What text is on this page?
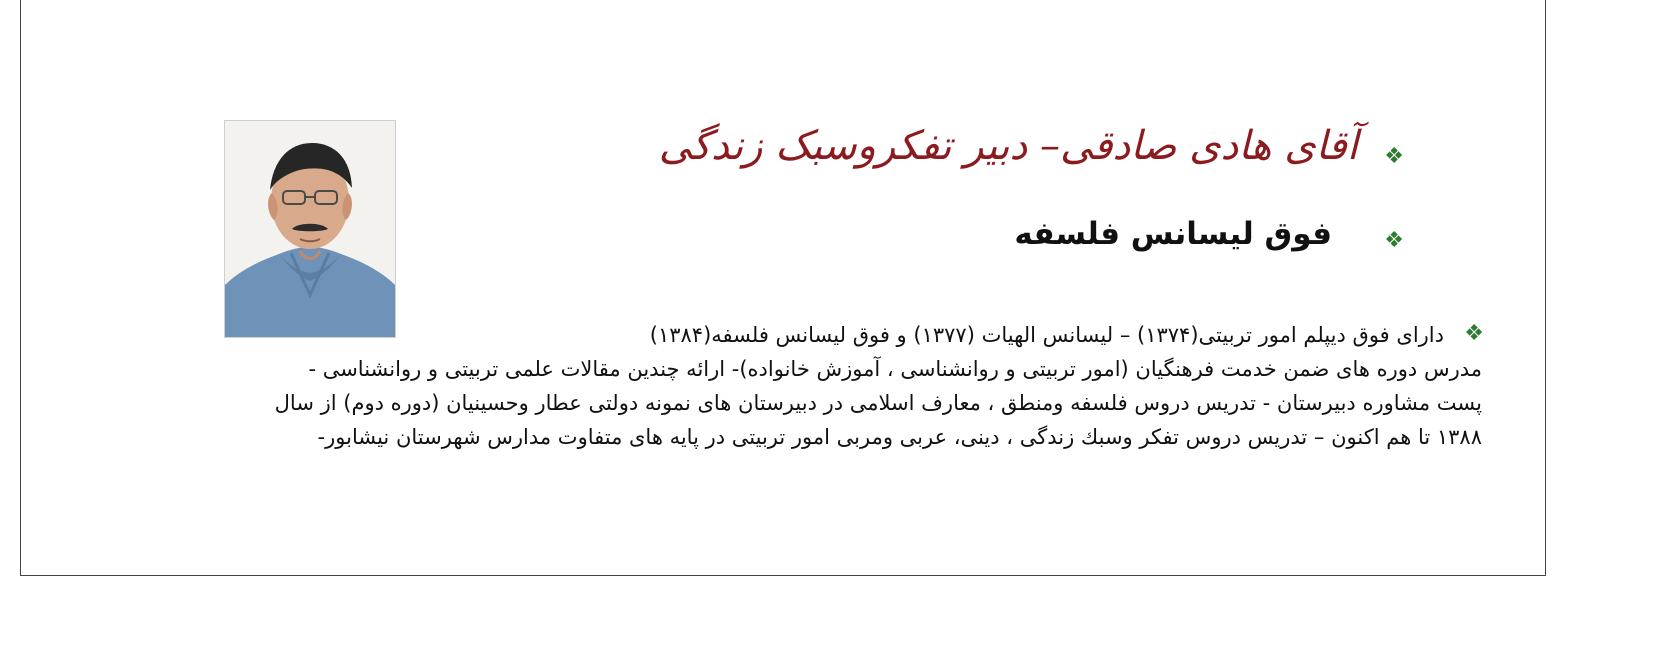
❖
آقای هادی صادقی– دبیر تفکروسبک زندگی
❖
فوق لیسانس فلسفه
❖
دارای فوق دیپلم امور تربیتی(۱۳۷۴) – لیسانس الهیات (۱۳۷۷) و فوق لیسانس فلسفه(۱۳۸۴)
مدرس دوره های ضمن خدمت فرهنگیان (امور تربیتی و روانشناسی ، آموزش خانواده)- ارائه چندین مقالات علمی تربیتی و روانشناسی -
پست مشاوره دبیرستان - تدریس دروس فلسفه ومنطق ، معارف اسلامی در دبیرستان های نمونه دولتی عطار وحسینیان (دوره دوم) از سال
۱۳۸۸ تا هم اکنون – تدریس دروس تفکر وسبك زندگی ، دینی، عربی ومربی امور تربیتی در پایه های متفاوت مدارس شهرستان نیشابور-
